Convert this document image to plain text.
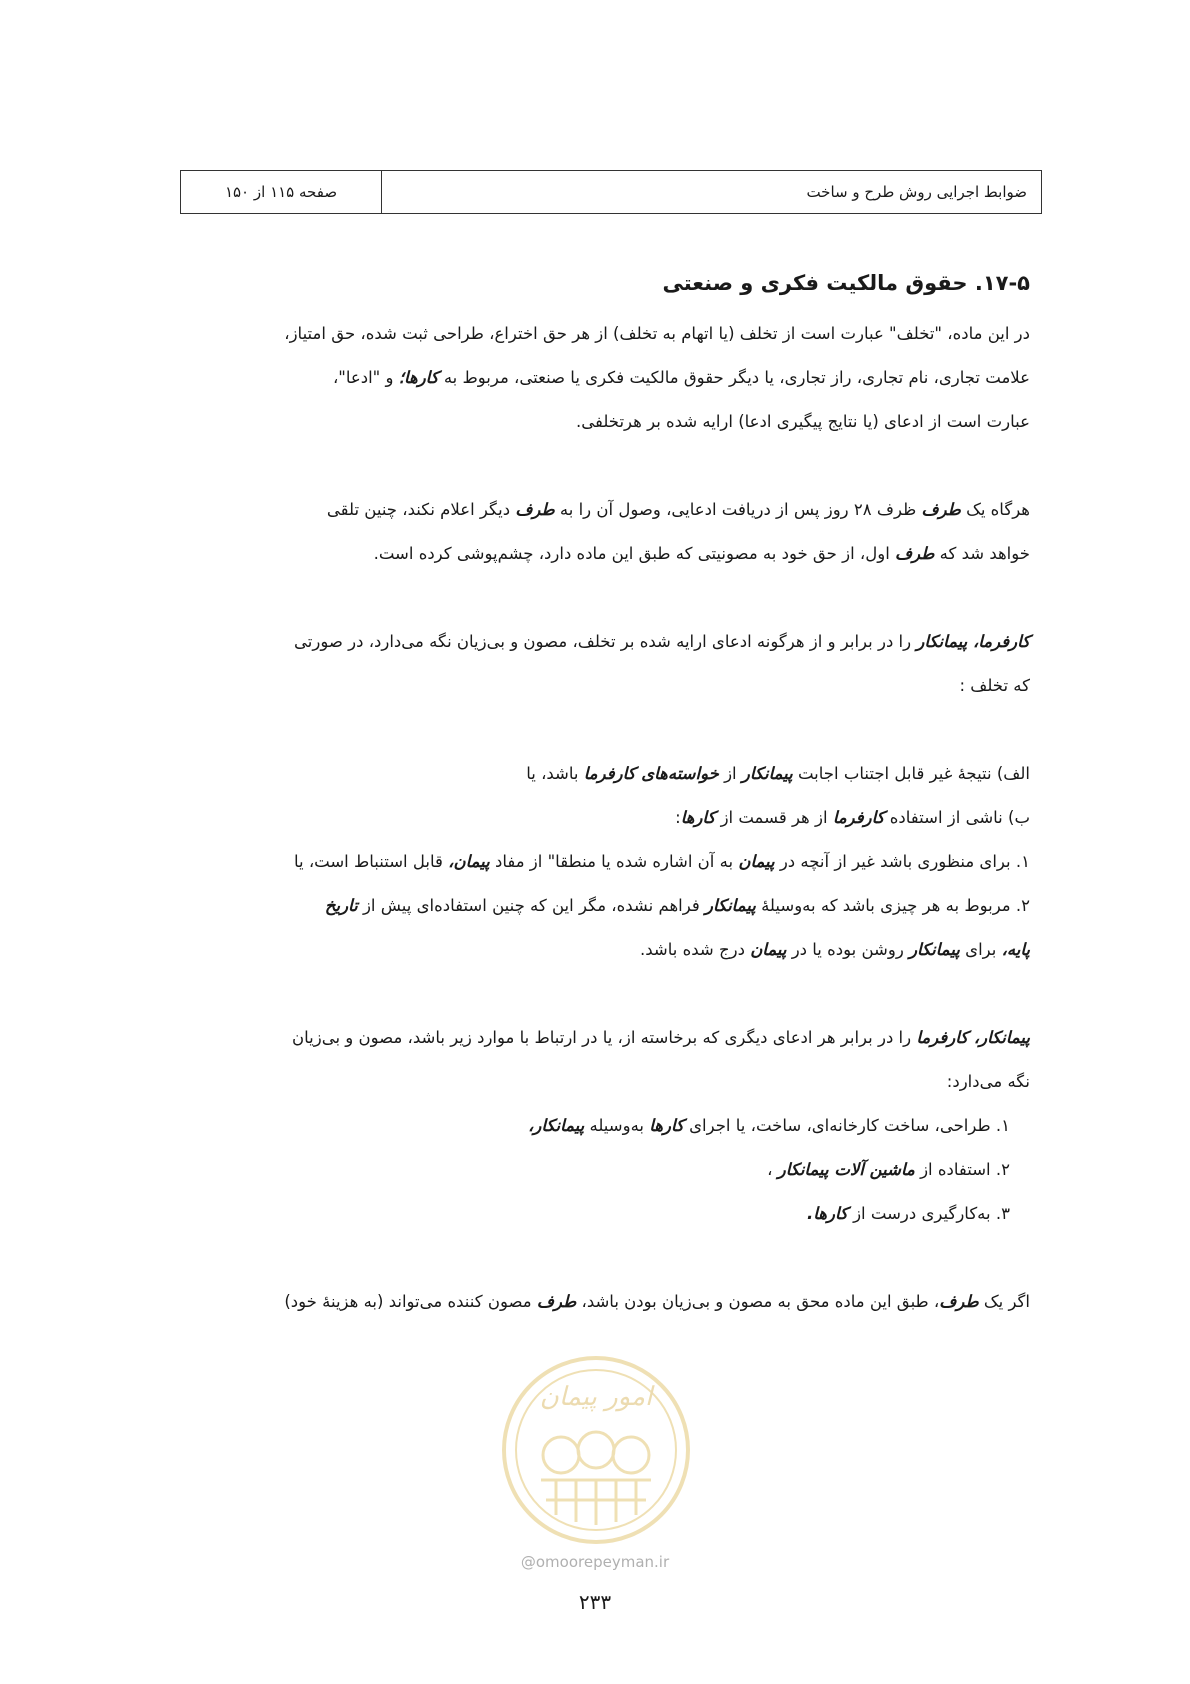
ضوابط اجرایی روش طرح و ساخت
صفحه ۱۱۵ از ۱۵۰
۱۷-۵. حقوق مالکیت فکری و صنعتی

در این ماده، "تخلف" عبارت است از تخلف (یا اتهام به تخلف) از هر حق اختراع، طراحی ثبت شده، حق امتیاز،
علامت تجاری، نام تجاری، راز تجاری، یا دیگر حقوق مالکیت فکری یا صنعتی، مربوط به کارها؛ و "ادعا"،
عبارت است از ادعای (یا نتایج پیگیری ادعا) ارایه شده بر هرتخلفی.

هرگاه یک طرف ظرف ۲۸ روز پس از دریافت ادعایی، وصول آن را به طرف دیگر اعلام نکند، چنین تلقی
خواهد شد که طرف اول، از حق خود به مصونیتی که طبق این ماده دارد، چشم‌پوشی کرده است.

کارفرما، پیمانکار را در برابر و از هرگونه ادعای ارایه شده بر تخلف، مصون و بی‌زیان نگه می‌دارد، در صورتی
که تخلف :

الف) نتیجهٔ غیر قابل اجتناب اجابت پیمانکار از خواسته‌های کارفرما باشد، یا
ب) ناشی از استفاده کارفرما از هر قسمت از کارها:
۱. برای منظوری باشد غیر از آنچه در پیمان به آن اشاره شده یا منطقا" از مفاد پیمان، قابل استنباط است، یا
۲. مربوط به هر چیزی باشد که به‌وسیلهٔ پیمانکار فراهم نشده، مگر این که چنین استفاده‌ای پیش از تاریخ
پایه، برای پیمانکار روشن بوده یا در پیمان درج شده باشد.

پیمانکار، کارفرما را در برابر هر ادعای دیگری که برخاسته از، یا در ارتباط با موارد زیر باشد، مصون و بی‌زیان
نگه می‌دارد:

۱. طراحی، ساخت کارخانه‌ای، ساخت، یا اجرای کارها به‌وسیله پیمانکار،
۲. استفاده از ماشین آلات پیمانکار ،
۳. به‌کارگیری درست از کارها.

اگر یک طرف، طبق این ماده محق به مصون و بی‌زیان بودن باشد، طرف مصون کننده می‌تواند (به هزینهٔ خود)

امور پیمان
@omoorepeyman.ir
۲۳۳
